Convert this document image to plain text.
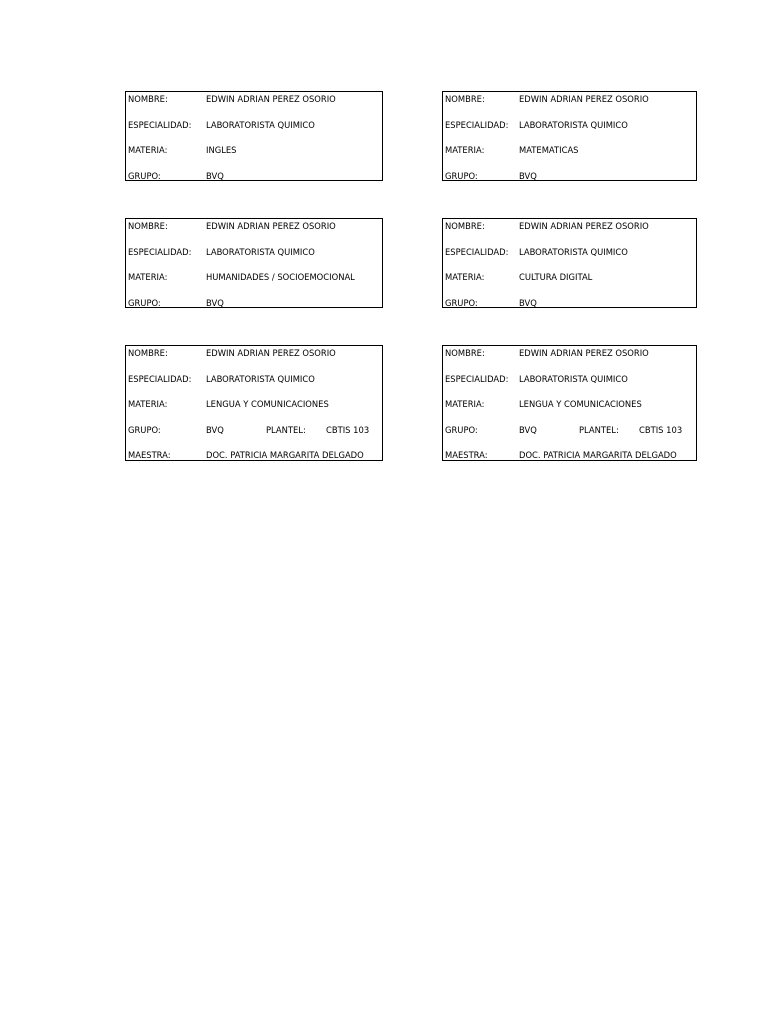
NOMBRE:	EDWIN ADRIAN PEREZ OSORIO
ESPECIALIDAD: LABORATORISTA QUIMICO
MATERIA:	INGLES
GRUPO:	BVQ
NOMBRE:	EDWIN ADRIAN PEREZ OSORIO
ESPECIALIDAD: LABORATORISTA QUIMICO
MATERIA:	MATEMATICAS
GRUPO:	BVQ
NOMBRE:	EDWIN ADRIAN PEREZ OSORIO
ESPECIALIDAD: LABORATORISTA QUIMICO
MATERIA:	HUMANIDADES / SOCIOEMOCIONAL
GRUPO:	BVQ
NOMBRE:	EDWIN ADRIAN PEREZ OSORIO
ESPECIALIDAD: LABORATORISTA QUIMICO
MATERIA:	CULTURA DIGITAL
GRUPO:	BVQ
NOMBRE:	EDWIN ADRIAN PEREZ OSORIO
ESPECIALIDAD: LABORATORISTA QUIMICO
MATERIA:	LENGUA Y COMUNICACIONES
GRUPO:	BVQ	PLANTEL: CBTIS 103
MAESTRA:	DOC. PATRICIA MARGARITA DELGADO
NOMBRE:	EDWIN ADRIAN PEREZ OSORIO
ESPECIALIDAD: LABORATORISTA QUIMICO
MATERIA:	LENGUA Y COMUNICACIONES
GRUPO:	BVQ	PLANTEL: CBTIS 103
MAESTRA:	DOC. PATRICIA MARGARITA DELGADO
